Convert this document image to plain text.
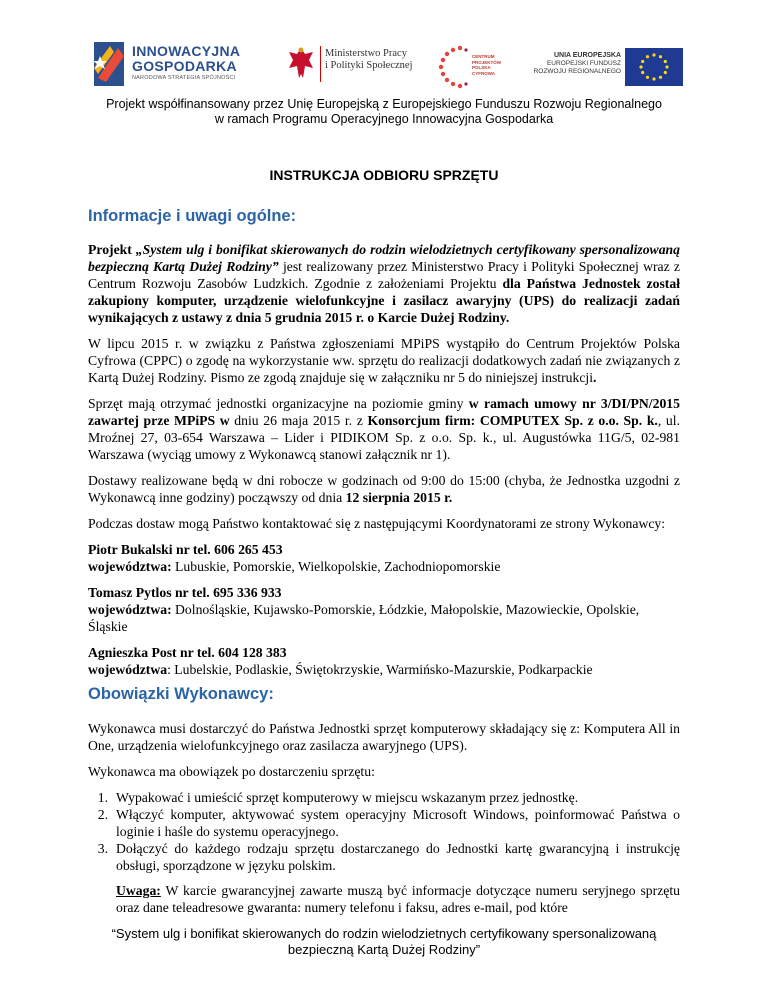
INNOWACYJNA
GOSPODARKA
NARODOWA STRATEGIA SPÓJNOŚCI
Ministerstwo Pracy
i Polityki Społecznej
CENTRUM
PROJEKTÓW
POLSKA
CYFROWA
UNIA EUROPEJSKA
EUROPEJSKI FUNDUSZ
ROZWOJU REGIONALNEGO
Projekt współfinansowany przez Unię Europejską z Europejskiego Funduszu Rozwoju Regionalnego
w ramach Programu Operacyjnego Innowacyjna Gospodarka
INSTRUKCJA ODBIORU SPRZĘTU
Informacje i uwagi ogólne:

Projekt „System ulg i bonifikat skierowanych do rodzin wielodzietnych certyfikowany spersonalizowaną bezpieczną Kartą Dużej Rodziny” jest realizowany przez Ministerstwo Pracy i Polityki Społecznej wraz z Centrum Rozwoju Zasobów Ludzkich. Zgodnie z założeniami Projektu dla Państwa Jednostek został zakupiony komputer, urządzenie wielofunkcyjne i zasilacz awaryjny (UPS) do realizacji zadań wynikających z ustawy z dnia 5 grudnia 2015 r. o Karcie Dużej Rodziny.

W lipcu 2015 r. w związku z Państwa zgłoszeniami MPiPS wystąpiło do Centrum Projektów Polska Cyfrowa (CPPC) o zgodę na wykorzystanie ww. sprzętu do realizacji dodatkowych zadań nie związanych z Kartą Dużej Rodziny. Pismo ze zgodą znajduje się w załączniku nr 5 do niniejszej instrukcji.

Sprzęt mają otrzymać jednostki organizacyjne na poziomie gminy w ramach umowy nr 3/DI/PN/2015 zawartej prze MPiPS w dniu 26 maja 2015 r. z Konsorcjum firm: COMPUTEX Sp. z o.o. Sp. k., ul. Mroźnej 27, 03-654 Warszawa – Lider i PIDIKOM Sp. z o.o. Sp. k., ul. Augustówka 11G/5, 02-981 Warszawa (wyciąg umowy z Wykonawcą stanowi załącznik nr 1).

Dostawy realizowane będą w dni robocze w godzinach od 9:00 do 15:00 (chyba, że Jednostka uzgodni z Wykonawcą inne godziny) począwszy od dnia 12 sierpnia 2015 r.

Podczas dostaw mogą Państwo kontaktować się z następującymi Koordynatorami ze strony Wykonawcy:

Piotr Bukalski nr tel. 606 265 453
województwa: Lubuskie, Pomorskie, Wielkopolskie, Zachodniopomorskie
Tomasz Pytlos nr tel. 695 336 933
województwa: Dolnośląskie, Kujawsko-Pomorskie, Łódzkie, Małopolskie, Mazowieckie, Opolskie, Śląskie
Agnieszka Post nr tel. 604 128 383
województwa: Lubelskie, Podlaskie, Świętokrzyskie, Warmińsko-Mazurskie, Podkarpackie
Obowiązki Wykonawcy:

Wykonawca musi dostarczyć do Państwa Jednostki sprzęt komputerowy składający się z: Komputera All in One, urządzenia wielofunkcyjnego oraz zasilacza awaryjnego (UPS).

Wykonawca ma obowiązek po dostarczeniu sprzętu:

1. Wypakować i umieścić sprzęt komputerowy w miejscu wskazanym przez jednostkę.
2. Włączyć komputer, aktywować system operacyjny Microsoft Windows, poinformować Państwa o loginie i haśle do systemu operacyjnego.
3. Dołączyć do każdego rodzaju sprzętu dostarczanego do Jednostki kartę gwarancyjną i instrukcję obsługi, sporządzone w języku polskim.
Uwaga: W karcie gwarancyjnej zawarte muszą być informacje dotyczące numeru seryjnego sprzętu oraz dane teleadresowe gwaranta: numery telefonu i faksu, adres e-mail, pod które
“System ulg i bonifikat skierowanych do rodzin wielodzietnych certyfikowany spersonalizowaną
bezpieczną Kartą Dużej Rodziny”
